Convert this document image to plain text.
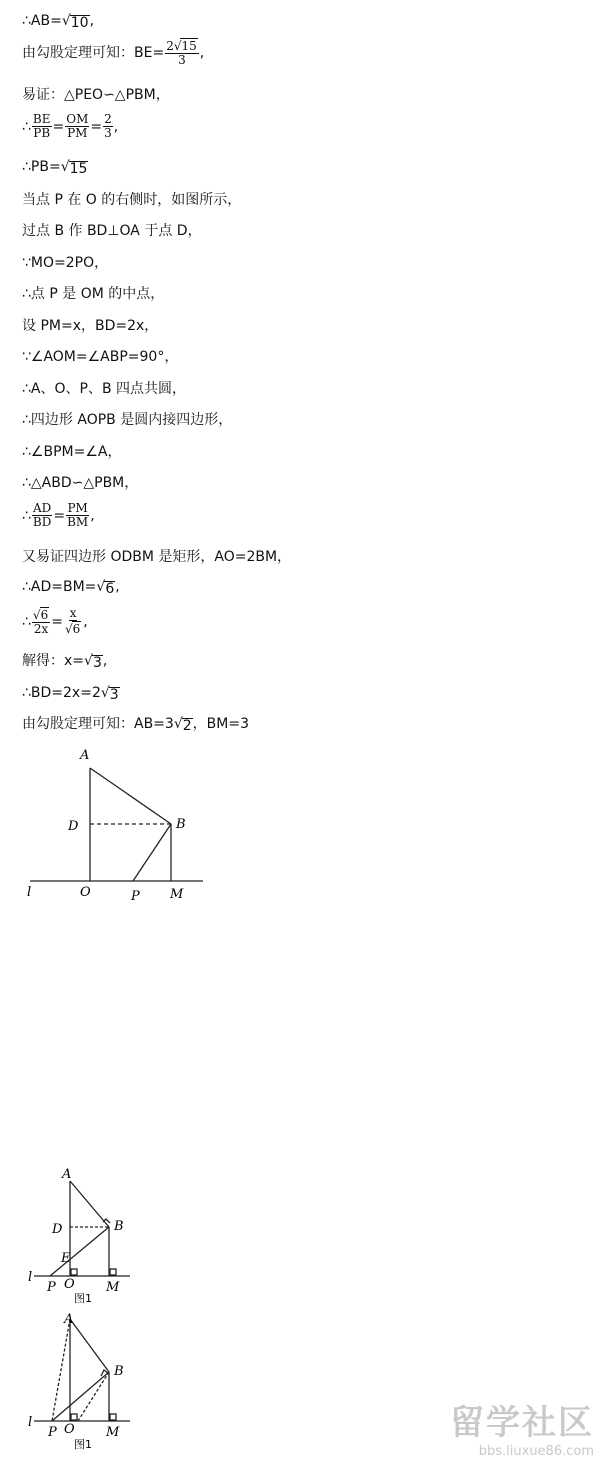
∴AB= √ 10 ,
由勾股定理可知：$BE= \frac{2 √ 15}{3}$ ,
易证：△PEO∽△PBM，
∴ $\frac{BE}{PB} = \frac{OM}{PM} = \frac{2}{3}$ ,
∴PB= √ 15
当点 P 在 O 的右侧时，如图所示，
过点 B 作 BD⊥OA 于点 D，
∵MO=2PO，
∴点 P 是 OM 的中点，
设 PM=x，BD=2x，
∵∠AOM=∠ABP=90°，
∴A、O、P、B 四点共圆，
∴四边形 AOPB 是圆内接四边形，
∴∠BPM=∠A，
∴△ABD∽△PBM，
∴ $\frac{AD}{BD} = \frac{PM}{BM}$ ,
又易证四边形 ODBM 是矩形，AO=2BM，
∴AD=BM= √ 6 ,
∴ $\frac{√ 6}{2x} = \frac{x}{√ 6}$ ,
解得：x= √ 3 ,
∴BD=2x=2 √ 3
由勾股定理可知：AB=3 √ 2 ，BM=3
A
D	B
l	O	P M
A
D	B
E
l
P O M
图1
A
B
l
P O M
图1
留学社区
bbs.liuxue86.com
